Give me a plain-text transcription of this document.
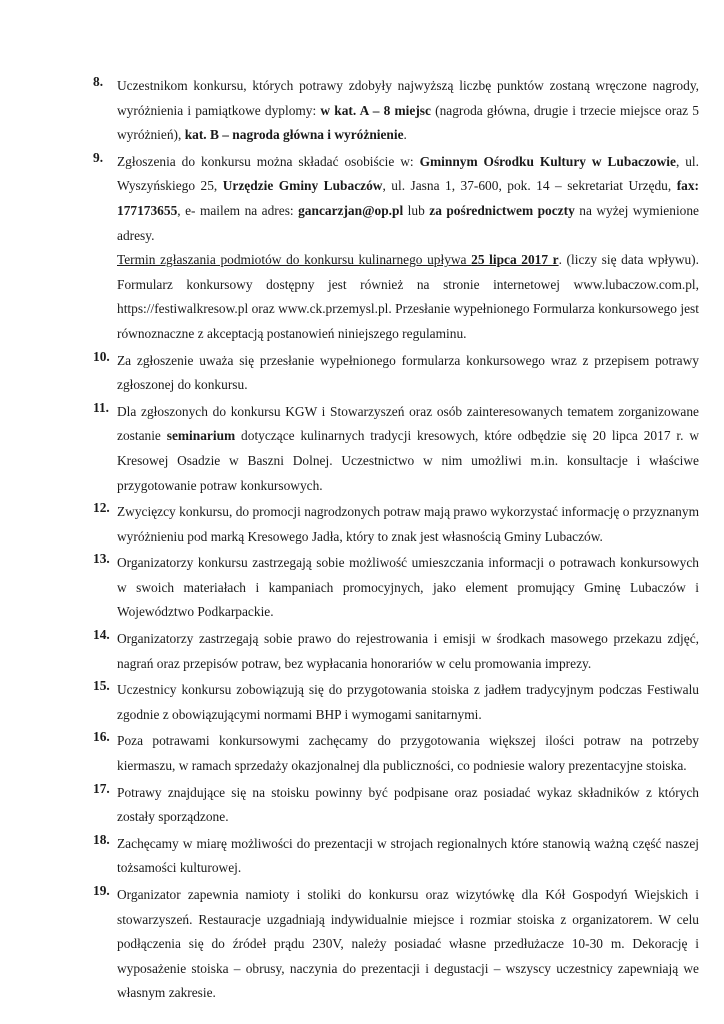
8.	Uczestnikom konkursu, których potrawy zdobyły najwyższą liczbę punktów zostaną wręczone nagrody, wyróżnienia i pamiątkowe dyplomy: w kat. A – 8 miejsc (nagroda główna, drugie i trzecie miejsce oraz 5 wyróżnień), kat. B – nagroda główna i wyróżnienie.

9.	Zgłoszenia do konkursu można składać osobiście w: Gminnym Ośrodku Kultury w Lubaczowie, ul. Wyszyńskiego 25, Urzędzie Gminy Lubaczów, ul. Jasna 1, 37-600, pok. 14 – sekretariat Urzędu, fax: 177173655, e- mailem na adres: gancarzjan@op.pl lub za pośrednictwem poczty na wyżej wymienione adresy.

Termin zgłaszania podmiotów do konkursu kulinarnego upływa 25 lipca 2017 r. (liczy się data wpływu). Formularz konkursowy dostępny jest również na stronie internetowej www.lubaczow.com.pl, https://festiwalkresow.pl oraz www.ck.przemysl.pl. Przesłanie wypełnionego Formularza konkursowego jest równoznaczne z akceptacją postanowień niniejszego regulaminu.

10. Za zgłoszenie uważa się przesłanie wypełnionego formularza konkursowego wraz z przepisem potrawy zgłoszonej do konkursu.

11. Dla zgłoszonych do konkursu KGW i Stowarzyszeń oraz osób zainteresowanych tematem zorganizowane zostanie seminarium dotyczące kulinarnych tradycji kresowych, które odbędzie się 20 lipca 2017 r. w Kresowej Osadzie w Baszni Dolnej. Uczestnictwo w nim umożliwi m.in. konsultacje i właściwe przygotowanie potraw konkursowych.

12. Zwycięzcy konkursu, do promocji nagrodzonych potraw mają prawo wykorzystać informację o przyznanym wyróżnieniu pod marką Kresowego Jadła, który to znak jest własnością Gminy Lubaczów.

13. Organizatorzy konkursu zastrzegają sobie możliwość umieszczania informacji o potrawach konkursowych w swoich materiałach i kampaniach promocyjnych, jako element promujący Gminę Lubaczów i Województwo Podkarpackie.

14. Organizatorzy zastrzegają sobie prawo do rejestrowania i emisji w środkach masowego przekazu zdjęć, nagrań oraz przepisów potraw, bez wypłacania honorariów w celu promowania imprezy.

15. Uczestnicy konkursu zobowiązują się do przygotowania stoiska z jadłem tradycyjnym podczas Festiwalu zgodnie z obowiązującymi normami BHP i wymogami sanitarnymi.

16. Poza potrawami konkursowymi zachęcamy do przygotowania większej ilości potraw na potrzeby kiermaszu, w ramach sprzedaży okazjonalnej dla publiczności, co podniesie walory prezentacyjne stoiska.

17. Potrawy znajdujące się na stoisku powinny być podpisane oraz posiadać wykaz składników z których zostały sporządzone.

18. Zachęcamy w miarę możliwości do prezentacji w strojach regionalnych które stanowią ważną część naszej tożsamości kulturowej.

19. Organizator zapewnia namioty i stoliki do konkursu oraz wizytówkę dla Kół Gospodyń Wiejskich i stowarzyszeń. Restauracje uzgadniają indywidualnie miejsce i rozmiar stoiska z organizatorem. W celu podłączenia się do źródeł prądu 230V, należy posiadać własne przedłużacze 10-30 m. Dekorację i wyposażenie stoiska – obrusy, naczynia do prezentacji i degustacji – wszyscy uczestnicy zapewniają we własnym zakresie.
